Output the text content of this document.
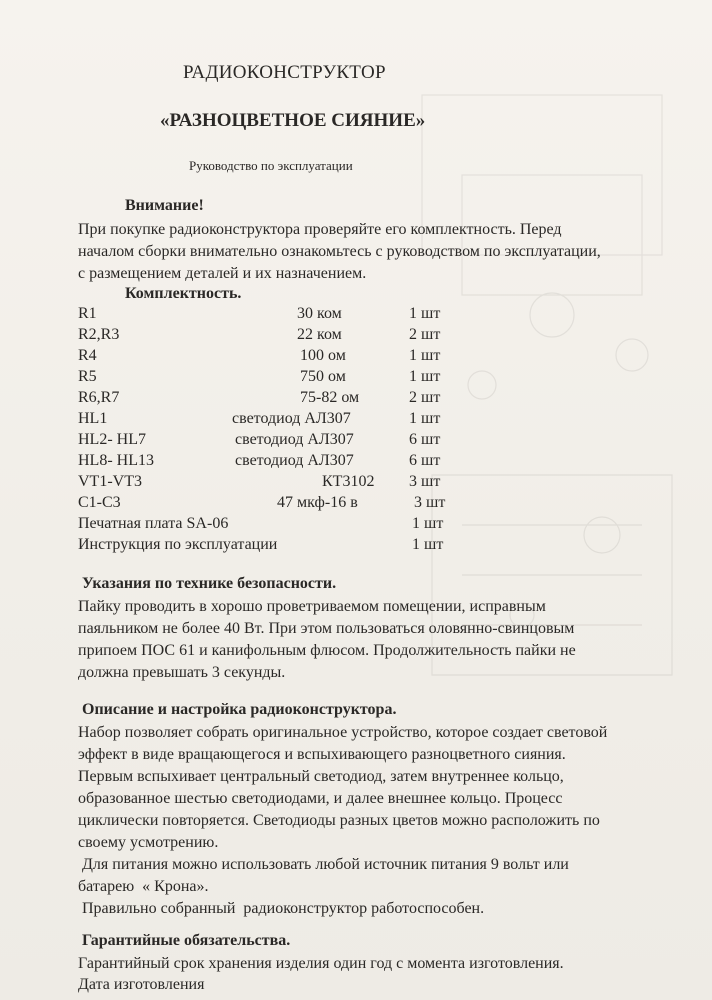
РАДИОКОНСТРУКТОР
«РАЗНОЦВЕТНОЕ СИЯНИЕ»
Руководство по эксплуатации
Внимание!
При покупке радиоконструктора проверяйте его комплектность. Перед
началом сборки внимательно ознакомьтесь с руководством по эксплуатации,
с размещением деталей и их назначением.
Комплектность.
R1	30 ком	1 шт
R2,R3	22 ком	2 шт
R4	100 ом	1 шт
R5	750 ом	1 шт
R6,R7	75-82 ом	2 шт
HL1	светодиод АЛ307	1 шт
HL2- HL7	светодиод АЛ307	6 шт
HL8- HL13	светодиод АЛ307	6 шт
VT1-VT3	КТ3102 3 шт
C1-C3	47 мкф-16 в	3 шт
Печатная плата SA-06	1 шт
Инструкция по эксплуатации	1 шт
Указания по технике безопасности.
Пайку проводить в хорошо проветриваемом помещении, исправным
паяльником не более 40 Вт. При этом пользоваться оловянно-свинцовым
припоем ПОС 61 и канифольным флюсом. Продолжительность пайки не
должна превышать 3 секунды.
Описание и настройка радиоконструктора.
Набор позволяет собрать оригинальное устройство, которое создает световой
эффект в виде вращающегося и вспыхивающего разноцветного сияния.
Первым вспыхивает центральный светодиод, затем внутреннее кольцо,
образованное шестью светодиодами, и далее внешнее кольцо. Процесс
циклически повторяется. Светодиоды разных цветов можно расположить по
своему усмотрению.
Для питания можно использовать любой источник питания 9 вольт или
батарею  « Крона».
Правильно собранный  радиоконструктор работоспособен.
Гарантийные обязательства.
Гарантийный срок хранения изделия один год с момента изготовления.
Дата изготовления
